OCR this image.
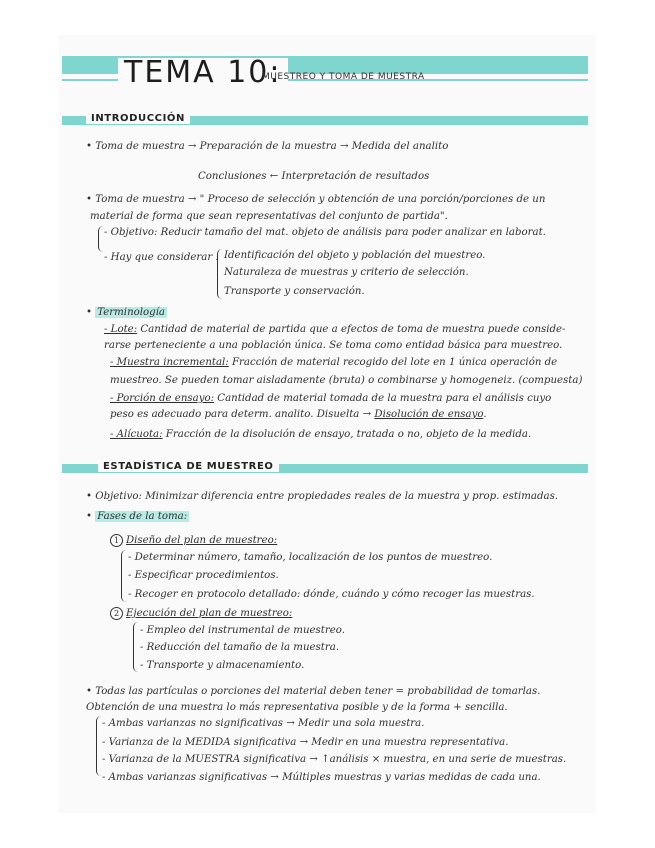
TEMA 10:
MUESTREO Y TOMA DE MUESTRA
INTRODUCCIÓN
• Toma de muestra → Preparación de la muestra → Medida del analito
Conclusiones ← Interpretación de resultados
• Toma de muestra → " Proceso de selección y obtención de una porción/porciones de un
material de forma que sean representativas del conjunto de partida".
- Objetivo: Reducir tamaño del mat. objeto de análisis para poder analizar en laborat.
- Hay que considerar : Identificación del objeto y población del muestreo.
Naturaleza de muestras y criterio de selección.
Transporte y conservación.
• Terminología
- Lote: Cantidad de material de partida que a efectos de toma de muestra puede conside-
rarse perteneciente a una población única. Se toma como entidad básica para muestreo.
- Muestra incremental: Fracción de material recogido del lote en 1 única operación de
muestreo. Se pueden tomar aisladamente (bruta) o combinarse y homogeneiz. (compuesta)
- Porción de ensayo: Cantidad de material tomada de la muestra para el análisis cuyo
peso es adecuado para determ. analito. Disuelta → Disolución de ensayo.
- Alícuota: Fracción de la disolución de ensayo, tratada o no, objeto de la medida.
ESTADÍSTICA DE MUESTREO
• Objetivo: Minimizar diferencia entre propiedades reales de la muestra y prop. estimadas.
• Fases de la toma:
1 Diseño del plan de muestreo:
- Determinar número, tamaño, localización de los puntos de muestreo.
- Especificar procedimientos.
- Recoger en protocolo detallado: dónde, cuándo y cómo recoger las muestras.
2 Ejecución del plan de muestreo:
- Empleo del instrumental de muestreo.
- Reducción del tamaño de la muestra.
- Transporte y almacenamiento.
• Todas las partículas o porciones del material deben tener = probabilidad de tomarlas.
Obtención de una muestra lo más representativa posible y de la forma + sencilla.
- Ambas varianzas no significativas → Medir una sola muestra.
- Varianza de la MEDIDA significativa → Medir en una muestra representativa.
- Varianza de la MUESTRA significativa → ↑análisis × muestra, en una serie de muestras.
- Ambas varianzas significativas → Múltiples muestras y varias medidas de cada una.
